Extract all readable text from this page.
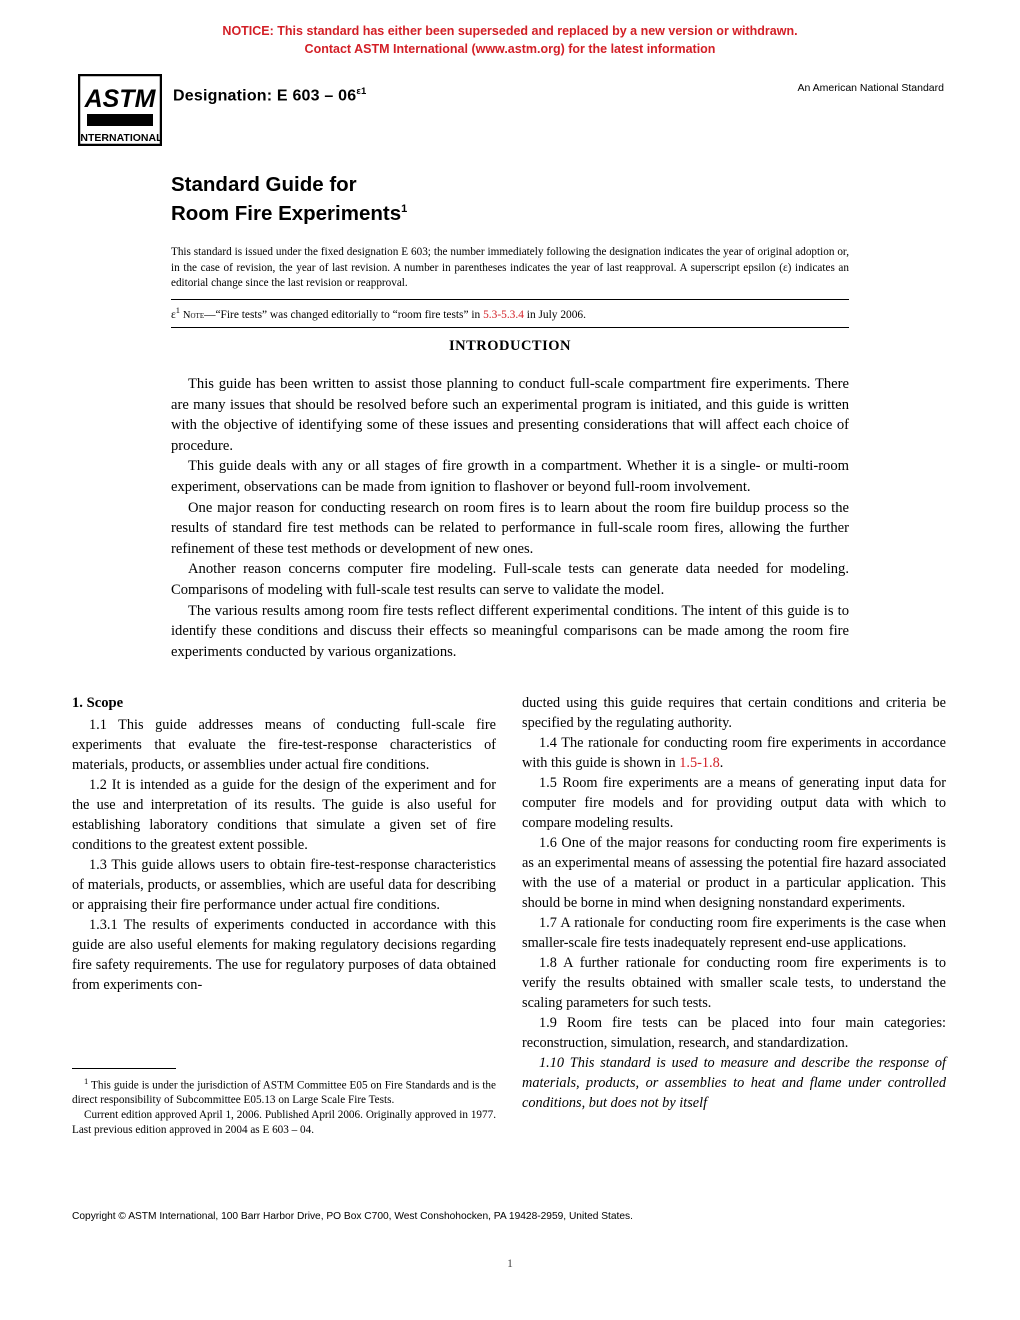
NOTICE: This standard has either been superseded and replaced by a new version or withdrawn.
Contact ASTM International (www.astm.org) for the latest information
ASTM
INTERNATIONAL
Designation: E $603 - 06^{\varepsilon 1}$	An American National Standard
Standard Guide for
Room Fire Experiments$^1$
This standard is issued under the fixed designation E 603; the number immediately following the designation indicates the year of original adoption or, in the case of revision, the year of last revision. A number in parentheses indicates the year of last reapproval. A superscript epsilon (ε) indicates an editorial change since the last revision or reapproval.
$\varepsilon^1$ Note—“Fire tests” was changed editorially to “room fire tests” in 5.3-5.3.4 in July 2006.
INTRODUCTION

This guide has been written to assist those planning to conduct full-scale compartment fire experiments. There are many issues that should be resolved before such an experimental program is initiated, and this guide is written with the objective of identifying some of these issues and presenting considerations that will affect each choice of procedure.

This guide deals with any or all stages of fire growth in a compartment. Whether it is a single- or multi-room experiment, observations can be made from ignition to flashover or beyond full-room involvement.

One major reason for conducting research on room fires is to learn about the room fire buildup process so the results of standard fire test methods can be related to performance in full-scale room fires, allowing the further refinement of these test methods or development of new ones.

Another reason concerns computer fire modeling. Full-scale tests can generate data needed for modeling. Comparisons of modeling with full-scale test results can serve to validate the model.

The various results among room fire tests reflect different experimental conditions. The intent of this guide is to identify these conditions and discuss their effects so meaningful comparisons can be made among the room fire experiments conducted by various organizations.

1. Scope

1.1 This guide addresses means of conducting full-scale fire experiments that evaluate the fire-test-response characteristics of materials, products, or assemblies under actual fire conditions.

1.2 It is intended as a guide for the design of the experiment and for the use and interpretation of its results. The guide is also useful for establishing laboratory conditions that simulate a given set of fire conditions to the greatest extent possible.

1.3 This guide allows users to obtain fire-test-response characteristics of materials, products, or assemblies, which are useful data for describing or appraising their fire performance under actual fire conditions.

1.3.1 The results of experiments conducted in accordance with this guide are also useful elements for making regulatory decisions regarding fire safety requirements. The use for regulatory purposes of data obtained from experiments con-

ducted using this guide requires that certain conditions and criteria be specified by the regulating authority.

1.4 The rationale for conducting room fire experiments in accordance with this guide is shown in 1.5-1.8.

1.5 Room fire experiments are a means of generating input data for computer fire models and for providing output data with which to compare modeling results.

1.6 One of the major reasons for conducting room fire experiments is as an experimental means of assessing the potential fire hazard associated with the use of a material or product in a particular application. This should be borne in mind when designing nonstandard experiments.

1.7 A rationale for conducting room fire experiments is the case when smaller-scale fire tests inadequately represent end-use applications.

1.8 A further rationale for conducting room fire experiments is to verify the results obtained with smaller scale tests, to understand the scaling parameters for such tests.

1.9 Room fire tests can be placed into four main categories: reconstruction, simulation, research, and standardization.

1.10 This standard is used to measure and describe the response of materials, products, or assemblies to heat and flame under controlled conditions, but does not by itself

$^1$ This guide is under the jurisdiction of ASTM Committee E05 on Fire Standards and is the direct responsibility of Subcommittee E05.13 on Large Scale Fire Tests.

Current edition approved April 1, 2006. Published April 2006. Originally approved in 1977. Last previous edition approved in 2004 as E 603 – 04.

Copyright © ASTM International, 100 Barr Harbor Drive, PO Box C700, West Conshohocken, PA 19428-2959, United States.
1
